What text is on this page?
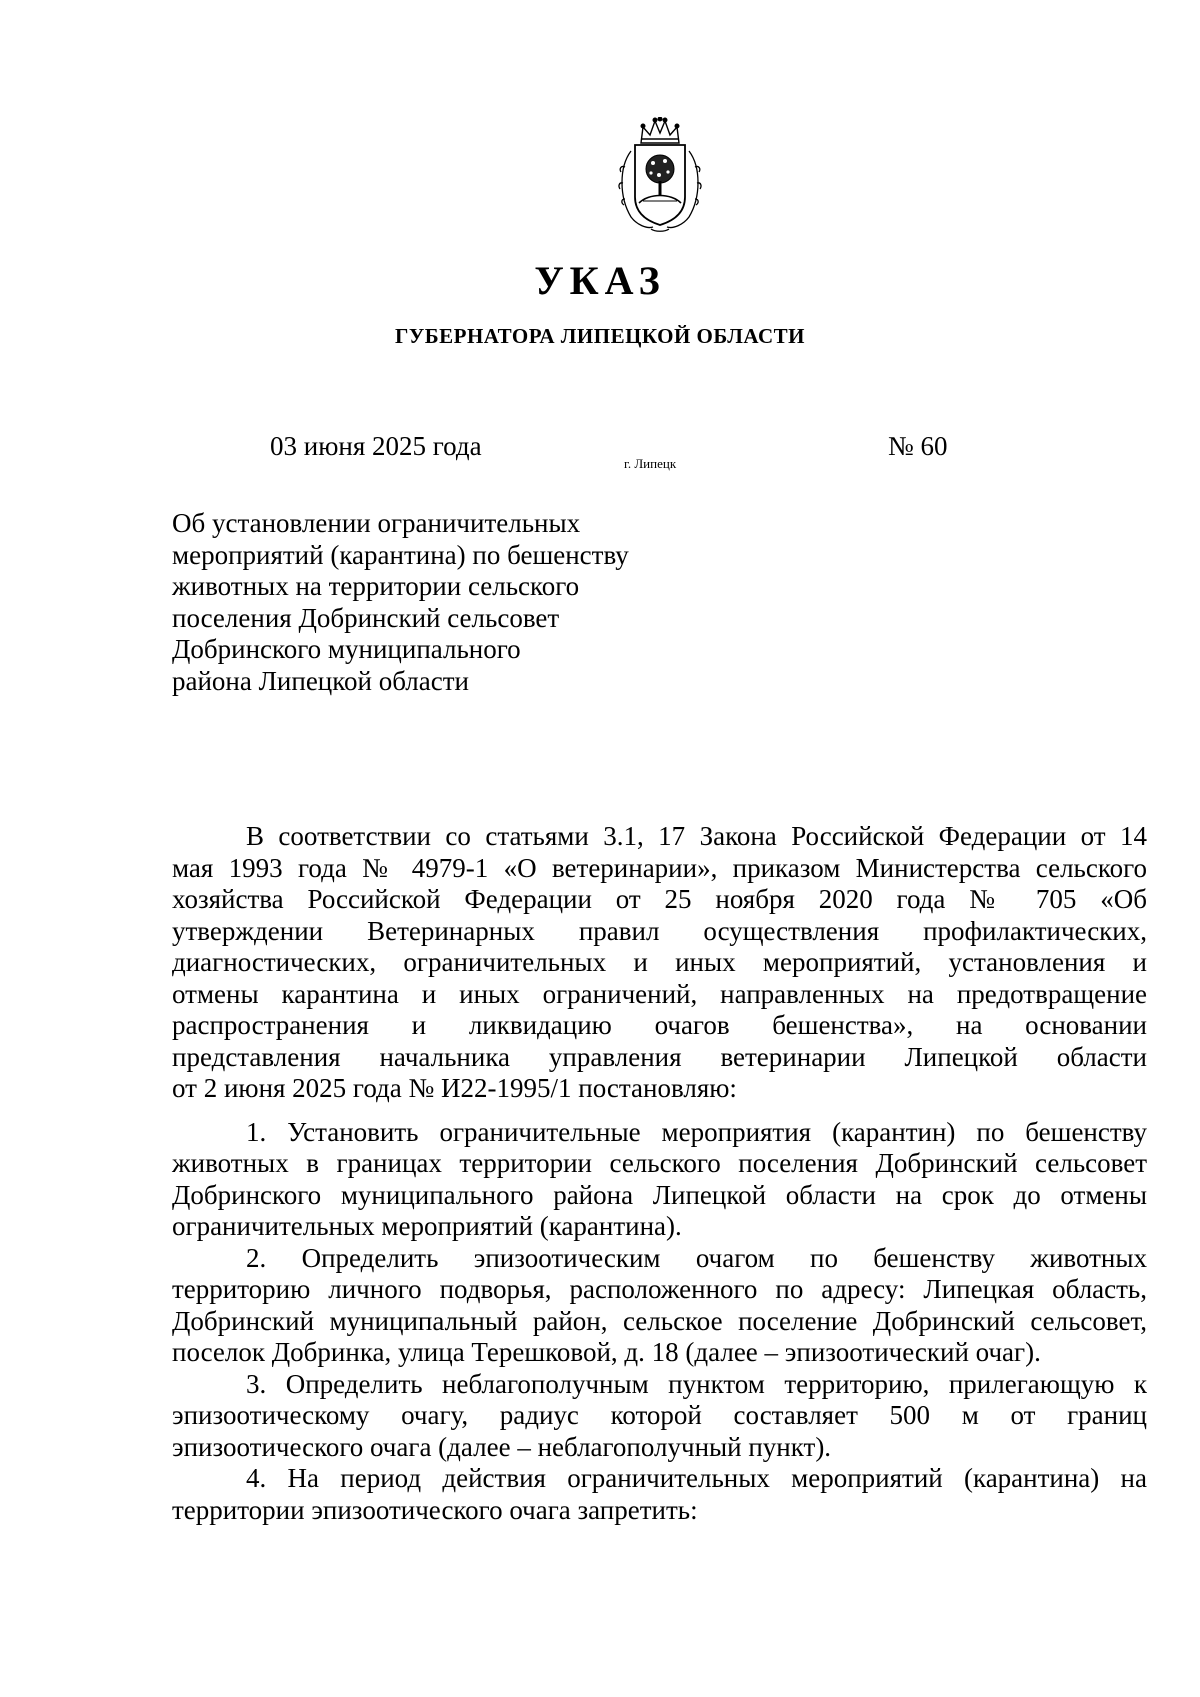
УКАЗ
ГУБЕРНАТОРА ЛИПЕЦКОЙ ОБЛАСТИ
03 июня 2025 года
г. Липецк
№ 60
Об установлении ограничительных
мероприятий (карантина) по бешенству
животных на территории сельского
поселения Добринский сельсовет
Добринского муниципального
района Липецкой области
В соответствии со статьями 3.1, 17 Закона Российской Федерации от 14
мая 1993 года № 4979-1 «О ветеринарии», приказом Министерства сельского
хозяйства Российской Федерации от 25 ноября 2020 года № 705 «Об
утверждении Ветеринарных правил осуществления профилактических,
диагностических, ограничительных и иных мероприятий, установления и
отмены карантина и иных ограничений, направленных на предотвращение
распространения и ликвидацию очагов бешенства», на основании
представления начальника управления ветеринарии Липецкой области
от 2 июня 2025 года № И22-1995/1 постановляю:
1. Установить ограничительные мероприятия (карантин) по бешенству
животных в границах территории сельского поселения Добринский сельсовет
Добринского муниципального района Липецкой области на срок до отмены
ограничительных мероприятий (карантина).
2. Определить эпизоотическим очагом по бешенству животных
территорию личного подворья, расположенного по адресу: Липецкая область,
Добринский муниципальный район, сельское поселение Добринский сельсовет,
поселок Добринка, улица Терешковой, д. 18 (далее – эпизоотический очаг).
3. Определить неблагополучным пунктом территорию, прилегающую к
эпизоотическому очагу, радиус которой составляет 500 м от границ
эпизоотического очага (далее – неблагополучный пункт).
4. На период действия ограничительных мероприятий (карантина) на
территории эпизоотического очага запретить:
